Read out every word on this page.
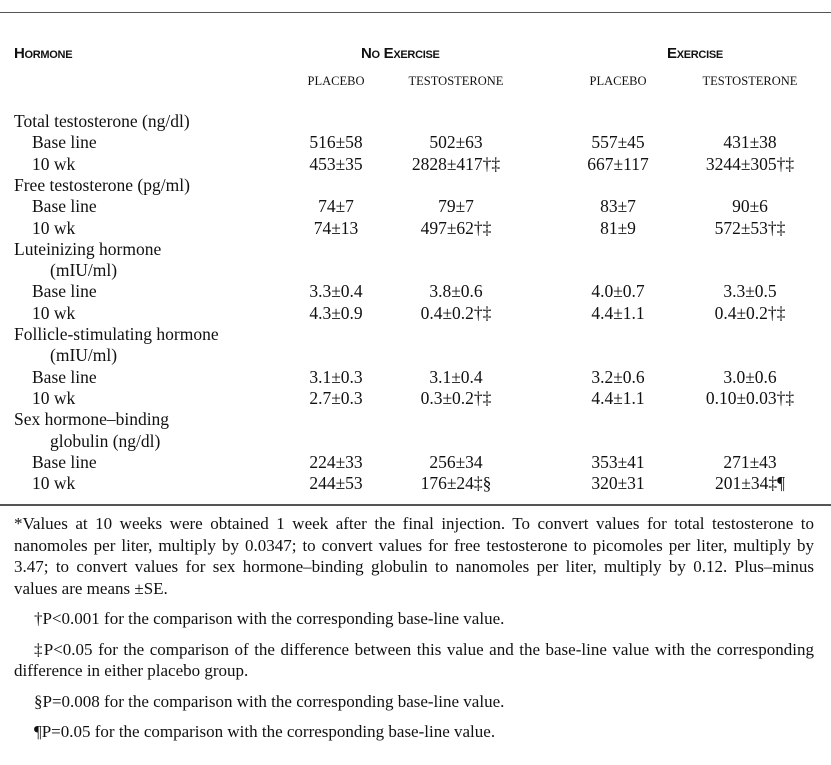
Hormone	No Exercise	Exercise
PLACEBO	TESTOSTERONE	PLACEBO	TESTOSTERONE
Total testosterone (ng/dl)
Base line	516±58	502±63	557±45	431±38
10 wk	453±35	2828±417†‡	667±117	3244±305†‡
Free testosterone (pg/ml)
Base line	74±7	79±7	83±7	90±6
10 wk	74±13	497±62†‡	81±9	572±53†‡
Luteinizing hormone
(mIU/ml)
Base line	3.3±0.4	3.8±0.6	4.0±0.7	3.3±0.5
10 wk	4.3±0.9	0.4±0.2†‡	4.4±1.1	0.4±0.2†‡
Follicle-stimulating hormone
(mIU/ml)
Base line	3.1±0.3	3.1±0.4	3.2±0.6	3.0±0.6
10 wk	2.7±0.3	0.3±0.2†‡	4.4±1.1	0.10±0.03†‡
Sex hormone–binding
globulin (ng/dl)
Base line	224±33	256±34	353±41	271±43
10 wk	244±53	176±24‡§	320±31	201±34‡¶

*Values at 10 weeks were obtained 1 week after the final injection. To convert values for total testosterone to nanomoles per liter, multiply by 0.0347; to convert values for free testosterone to picomoles per liter, multiply by 3.47; to convert values for sex hormone–binding globulin to nanomoles per liter, multiply by 0.12. Plus–minus values are means ±SE.

†P<0.001 for the comparison with the corresponding base-line value.

‡P<0.05 for the comparison of the difference between this value and the base-line value with the corresponding difference in either placebo group.

§P=0.008 for the comparison with the corresponding base-line value.

¶P=0.05 for the comparison with the corresponding base-line value.
